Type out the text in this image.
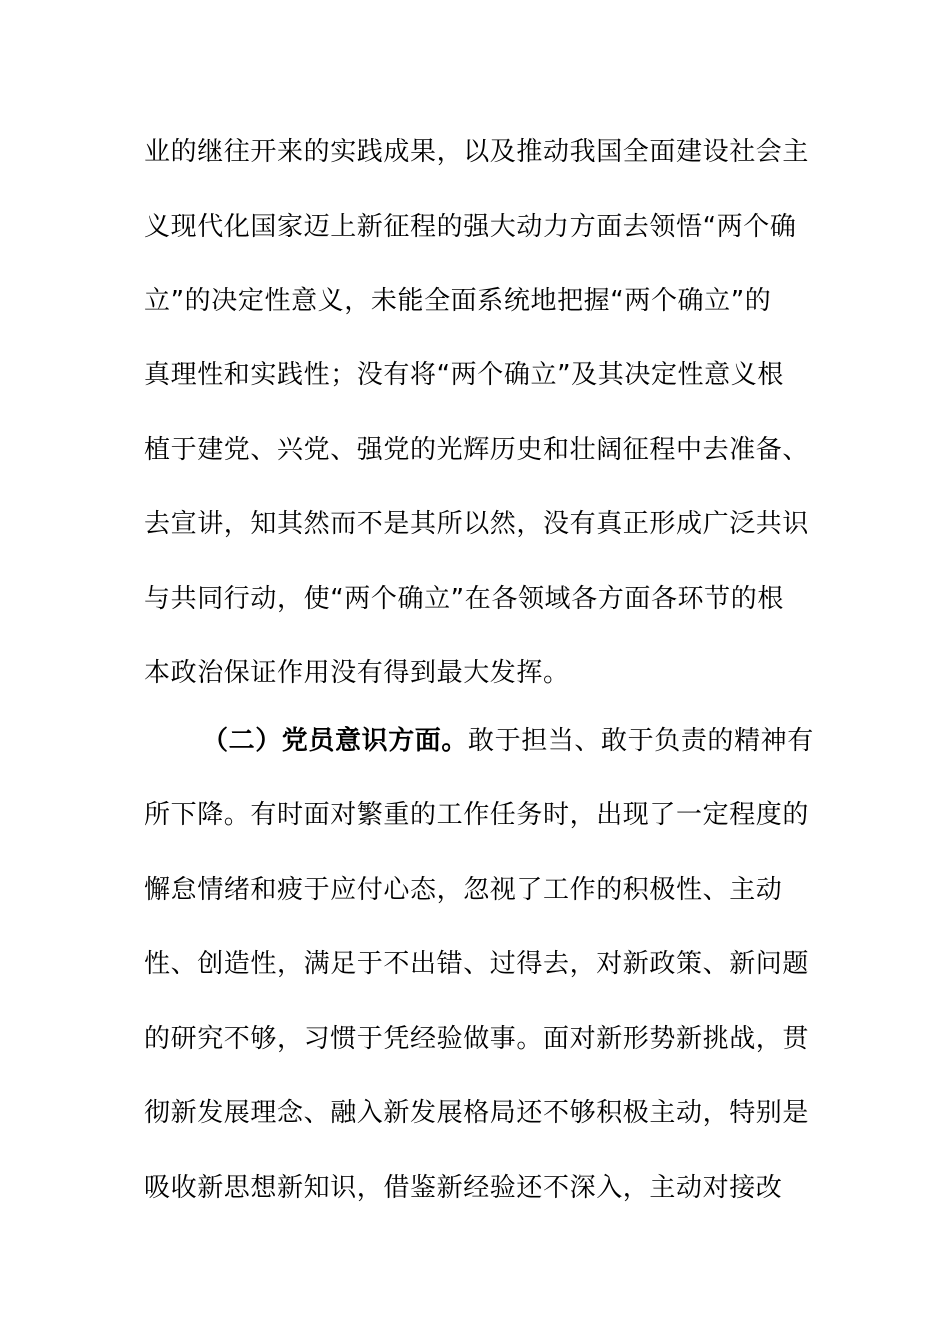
业的继往开来的实践成果，以及推动我国全面建设社会主
义现代化国家迈上新征程的强大动力方面去领悟“两个确
立”的决定性意义，未能全面系统地把握“两个确立”的
真理性和实践性；没有将“两个确立”及其决定性意义根
植于建党、兴党、强党的光辉历史和壮阔征程中去准备、
去宣讲，知其然而不是其所以然，没有真正形成广泛共识
与共同行动，使“两个确立”在各领域各方面各环节的根
本政治保证作用没有得到最大发挥。
（二）党员意识方面。敢于担当、敢于负责的精神有
所下降。有时面对繁重的工作任务时，出现了一定程度的
懈怠情绪和疲于应付心态，忽视了工作的积极性、主动
性、创造性，满足于不出错、过得去，对新政策、新问题
的研究不够，习惯于凭经验做事。面对新形势新挑战，贯
彻新发展理念、融入新发展格局还不够积极主动，特别是
吸收新思想新知识，借鉴新经验还不深入，主动对接改
